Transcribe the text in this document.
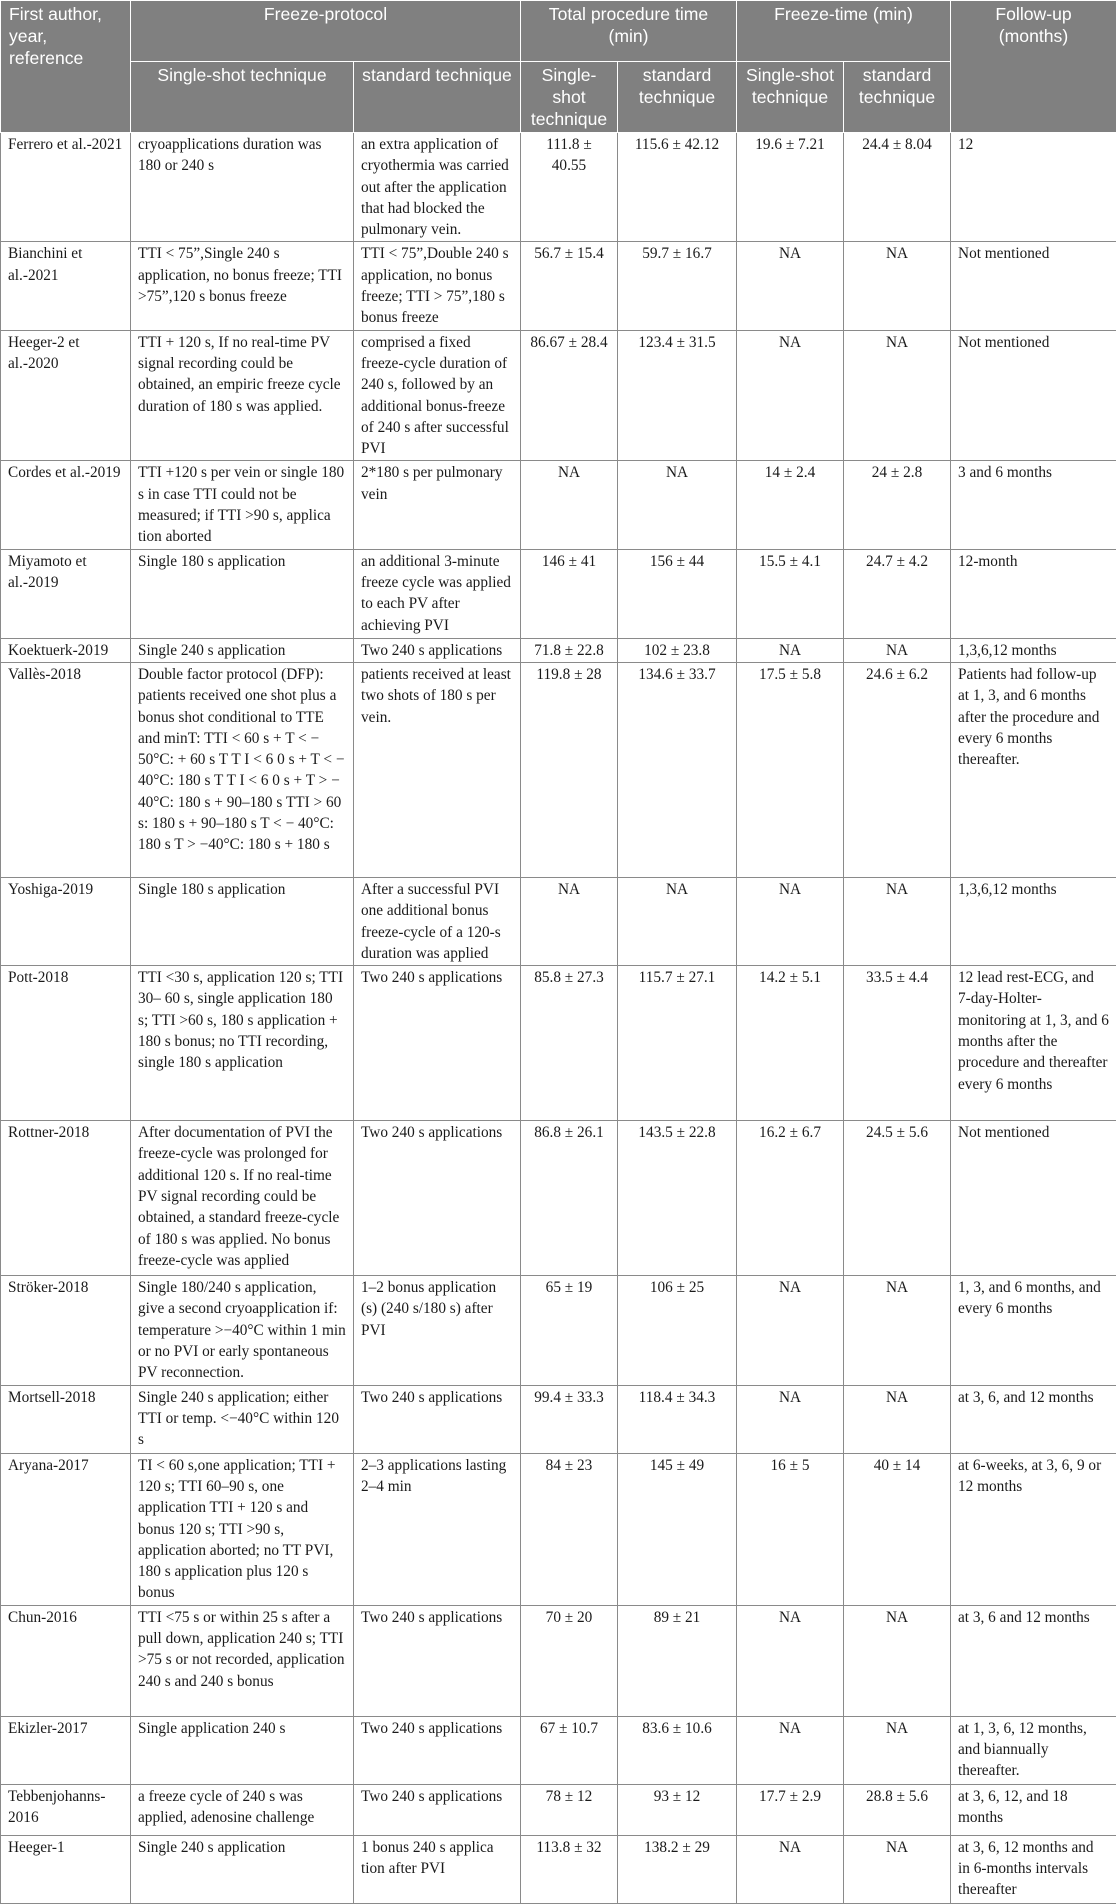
First author, year, reference	Freeze-protocol		Total procedure time (min)		Freeze-time (min)		Follow-up (months)
	Single-shot technique	standard technique	Single-shot technique	standard technique	Single-shot technique	standard technique	
Ferrero et al.-2021	cryoapplications duration was 180 or 240 s	an extra application of cryothermia was carried out after the application that had blocked the pulmonary vein.	111.8 ± 40.55	115.6 ± 42.12	19.6 ± 7.21	24.4 ± 8.04	12
Bianchini et al.-2021	TTI < 75”,Single 240 s application, no bonus freeze; TTI >75”,120 s bonus freeze	TTI < 75”,Double 240 s application, no bonus freeze; TTI > 75”,180 s bonus freeze	56.7 ± 15.4	59.7 ± 16.7	NA	NA	Not mentioned
Heeger-2 et al.-2020	TTI + 120 s, If no real-time PV signal recording could be obtained, an empiric freeze cycle duration of 180 s was applied.	comprised a fixed freeze-cycle duration of 240 s, followed by an additional bonus-freeze of 240 s after successful PVI	86.67 ± 28.4	123.4 ± 31.5	NA	NA	Not mentioned
Cordes et al.-2019	TTI +120 s per vein or single 180 s in case TTI could not be measured; if TTI >90 s, applica tion aborted	2*180 s per pulmonary vein	NA	NA	14 ± 2.4	24 ± 2.8	3 and 6 months
Miyamoto et al.-2019	Single 180 s application	an additional 3-minute freeze cycle was applied to each PV after achieving PVI	146 ± 41	156 ± 44	15.5 ± 4.1	24.7 ± 4.2	12-month
Koektuerk-2019	Single 240 s application	Two 240 s applications	71.8 ± 22.8	102 ± 23.8	NA	NA	1,3,6,12 months
Vallès-2018	Double factor protocol (DFP): patients received one shot plus a bonus shot conditional to TTE and minT: TTI < 60 s + T < − 50°C: + 60 s T T I < 6 0 s + T < − 40°C: 180 s T T I < 6 0 s + T > − 40°C: 180 s + 90–180 s TTI > 60 s: 180 s + 90–180 s T < − 40°C: 180 s T > −40°C: 180 s + 180 s	patients received at least two shots of 180 s per vein.	119.8 ± 28	134.6 ± 33.7	17.5 ± 5.8	24.6 ± 6.2	Patients had follow-up at 1, 3, and 6 months after the procedure and every 6 months thereafter.
Yoshiga-2019	Single 180 s application	After a successful PVI one additional bonus freeze-cycle of a 120-s duration was applied	NA	NA	NA	NA	1,3,6,12 months
Pott-2018	TTI <30 s, application 120 s; TTI 30– 60 s, single application 180 s; TTI >60 s, 180 s application + 180 s bonus; no TTI recording, single 180 s application	Two 240 s applications	85.8 ± 27.3	115.7 ± 27.1	14.2 ± 5.1	33.5 ± 4.4	12 lead rest-ECG, and 7-day-Holter-monitoring at 1, 3, and 6 months after the procedure and thereafter every 6 months
Rottner-2018	After documentation of PVI the freeze-cycle was prolonged for additional 120 s. If no real-time PV signal recording could be obtained, a standard freeze-cycle of 180 s was applied. No bonus freeze-cycle was applied	Two 240 s applications	86.8 ± 26.1	143.5 ± 22.8	16.2 ± 6.7	24.5 ± 5.6	Not mentioned
Ströker-2018	Single 180/240 s application, give a second cryoapplication if: temperature >−40°C within 1 min or no PVI or early spontaneous PV reconnection.	1–2 bonus application (s) (240 s/180 s) after PVI	65 ± 19	106 ± 25	NA	NA	1, 3, and 6 months, and every 6 months
Mortsell-2018	Single 240 s application; either TTI or temp. <−40°C within 120 s	Two 240 s applications	99.4 ± 33.3	118.4 ± 34.3	NA	NA	at 3, 6, and 12 months
Aryana-2017	TI < 60 s,one application; TTI + 120 s; TTI 60–90 s, one application TTI + 120 s and bonus 120 s; TTI >90 s, application aborted; no TT PVI, 180 s application plus 120 s bonus	2–3 applications lasting 2–4 min	84 ± 23	145 ± 49	16 ± 5	40 ± 14	at 6-weeks, at 3, 6, 9 or 12 months
Chun-2016	TTI <75 s or within 25 s after a pull down, application 240 s; TTI >75 s or not recorded, application 240 s and 240 s bonus	Two 240 s applications	70 ± 20	89 ± 21	NA	NA	at 3, 6 and 12 months
Ekizler-2017	Single application 240 s	Two 240 s applications	67 ± 10.7	83.6 ± 10.6	NA	NA	at 1, 3, 6, 12 months, and biannually thereafter.
Tebbenjohanns-2016	a freeze cycle of 240 s was applied, adenosine challenge	Two 240 s applications	78 ± 12	93 ± 12	17.7 ± 2.9	28.8 ± 5.6	at 3, 6, 12, and 18 months
Heeger-1	Single 240 s application	1 bonus 240 s applica tion after PVI	113.8 ± 32	138.2 ± 29	NA	NA	at 3, 6, 12 months and in 6-months intervals thereafter
